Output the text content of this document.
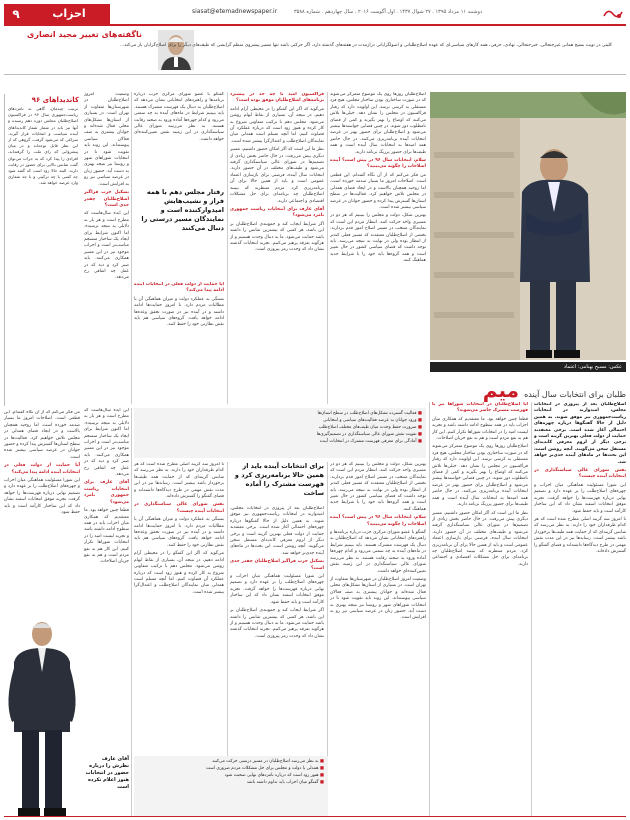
۹	احزاب	siasat@etemadnewspaper.ir	دوشنبه ۱۱ مرداد ۱۳۹۵ . ۲۷ شوال ۱۴۳۷ . اول آگوست ۲۰۱۶ . سال چهاردهم . شماره ۳۵۸۸
ناگفته‌های تغییر مجید انصاری
کلیتی در نوبت بسیج همانی غیرجنجالی، خبرجنجالی، نهادی، حرفی، همه کارهای سیاسی‌ای که عهده اصلاح‌طلبانی و اصولگرایانی درازمدت در هفته‌های گذشته دارد، اگر حرکتی باشد تنها مسیر پیشروی منظم گرایشی که طیف‌های دیگر را برای اصلاح‌گرایان باز می‌کند...
عکس: مسیح بهنامی: اعتماد
طلبان برای انتخابات سال آینده میم

اصلاح‌طلبان روزها روی یک موضوع متمرکز می‌شوند که در صورت ساختاری بودن ساختار مجلس، هیچ فرد مستقلی به کرسی نرسد. این اولویت دارد که رفتار فراکسیون در مجلس را نشان دهد. خیلی‌ها تلاش می‌کنند که اوضاع را بهتر بگیرند و کمی از فضای نامطلوب دور شوند. در چنین فضایی خواسته‌ها بیشتر می‌شود و اصلاح‌طلبان برای حضور بهتر در عرصه انتخابات آینده برنامه‌ریزی می‌کنند. در حال حاضر همه امیدها به انتخابات سال آینده است و همه طیف‌ها برای حضور پررنگ برنامه دارند.

سلام، انتخابات سال ۹۶ در پیش است؟ آینده اصلاحات را چگونه می‌بینید؟

من فکر می‌کنم که از آن نگاه گفته‌ام. این قطعی است. اصلاحات امروز ما بسیار صدمه خورده است، اما روحیه همچنان بالاست و در ایجاد فضای همدلی در مجلس تلاش خواهیم کرد. فعالیت‌ها در سطح استان‌ها گسترش پیدا کرده و حضور جوانان در عرصه سیاسی بیشتر شده است.

بهترین شکل، دولت و مجلس را ببینیم که هر دو در مسیری واحد حرکت کنند. انتظار مردم این است که نمایندگان منتخب در مسیر اصلاح امور قدم بردارند. بخشی از اصلاح‌طلبان معتقدند که مسیر فعلی کندتر از انتظار بوده ولی در نهایت به نتیجه می‌رسد. باید توجه داشت که فضای سیاسی کشور در حال تغییر است و همه گروه‌ها باید خود را با شرایط جدید هماهنگ کنند.

فراکسیون امید تا چه حد در پیشبرد برنامه‌های اصلاح‌طلبان موفق بوده است؟

می‌گوید که اگر این گفتگو را در محیطی آرام ادامه دهیم، در نتیجه آن، بسیاری از نقاط ابهام روشن می‌شود. مجلس دهم با ترکیب متفاوتی شروع به کار کرده و هنوز زود است که درباره عملکرد آن قضاوت کنیم. اما آنچه مسلم است همدلی میان نمایندگان اصلاح‌طلب و اعتدال‌گرا بیشتر شده است.

نظر ما این است که اگر امکان حضور داشتیم، مسیر دیگری پیش می‌رفت. در حال حاضر بخش زیادی از تصمیم‌ها در شورای عالی سیاستگذاری گرفته می‌شود و طیف‌های مختلف در آن حضور دارند. انتخابات سال آینده، فرصتی برای بازسازی اعتماد عمومی است و باید از همین حالا برای آن برنامه‌ریزی کرد. مردم منتظرند که ببینند اصلاح‌طلبان چه برنامه‌ای برای حل مشکلات اقتصادی و اجتماعی دارند.

آقای عارف برای انتخابات ریاست جمهوری نامزد می‌شود؟

اگر شرایط ایجاب کند و جمع‌بندی اصلاح‌طلبان بر این باشد، هر کسی که بیشترین شانس را داشته باشد حمایت می‌شود. ما به دنبال وحدت هستیم و از هرگونه تفرقه پرهیز می‌کنیم. تجربه انتخابات گذشته نشان داد که وحدت رمز پیروزی است.

گفتگو با عضو شورای مرکزی حزب درباره برنامه‌ها و راهبردهای انتخاباتی نشان می‌دهد که اصلاح‌طلبان به دنبال یک فهرست مشترک هستند. باید ببینیم شرایط در ماه‌های آینده به چه سمتی می‌رود و کدام چهره‌ها آماده ورود به صحنه رقابت هستند. به نظر می‌رسد شورای عالی سیاستگذاری در این زمینه نقش تعیین‌کننده‌ای خواهد داشت.

رفتار مجلس دهم با همه فراز و نشیب‌هایش امیدوارکننده است و نمایندگان مسیر درستی را دنبال می‌کنند

آیا حمایت از دولت فعلی در انتخابات آینده ادامه پیدا می‌کند؟

بستگی به عملکرد دولت و میزان هماهنگی آن با مطالبات مردم دارد. تا امروز حمایت‌ها ادامه داشته و در آینده نیز در صورت تحقق وعده‌ها ادامه خواهد یافت. گروه‌های سیاسی هم باید نقش نظارتی خود را حفظ کنند.

وضعیت امروز اصلاح‌طلبان در شهرستان‌ها متفاوت از تهران است. در بسیاری از استان‌ها تشکل‌های محلی فعال شده‌اند و جوانان بیشتری به صف فعالان سیاسی پیوسته‌اند. این روند باید تقویت شود تا در انتخابات شوراهای شهر و روستا نیز نتیجه بهتری به دست آید. حضور زنان در عرصه سیاسی نیز رو به افزایش است.

تشکیل حزب فراگیر اصلاح‌طلبان چقدر جدی است؟

این ایده سال‌هاست که مطرح است و هر بار به دلایلی به نتیجه نرسیده. اما اکنون شرایط برای ایجاد یک ساختار منسجم مناسب‌تر است و احزاب موجود نیز در این مسیر همکاری می‌کنند. باید صبر کرد و دید که در عمل چه اتفاقی رخ می‌دهد.

کاندیداهای ۹۶
ترتیب چیدمان، گاهی به نامزدهای ریاست‌جمهوری سال ۹۶ در فراکسیون اصلاح‌طلبان مجلس دوره دهم رسیده و آنها نیز باید در شمار شمار کاندیداهای آینده سیاست و انتخابات قرار گیرند. سراغی که می‌شود گرفت، گروهی که از این نظر قابل توجه‌اند و در میان پیشروانی که رای ملت را گرفته‌اند، افرادی را پیدا کرد که به جرات می‌توان گفت شانس بالایی برای حضور در رقابت دارند. البته حالا زود است که گفته شود چه کسی با چه ترکیبی و با چه شعاری وارد عرصه خواهد شد.
■ فعالیت گسترده تشکل‌های اصلاح‌طلب در سطح استان‌ها
■ ورود جوانان به عرصه فعالیت‌های سیاسی و انتخاباتی
■ ضرورت حفظ وحدت میان طیف‌های مختلف اصلاح‌طلب
■ تقویت نقش شورای عالی سیاستگذاری در تصمیم‌گیری‌ها
■ آمادگی برای معرفی فهرست مشترک در انتخابات آینده

اصلاح‌طلبان بعد از پیروزی در انتخابات مجلس، امیدوارند در انتخابات ریاست‌جمهوری نیز موفق شوند. به همین دلیل از حالا گفتگوها درباره چهره‌های احتمالی آغاز شده است. برخی معتقدند حمایت از دولت فعلی بهترین گزینه است و برخی دیگر از لزوم معرفی کاندیدای مستقل سخن می‌گویند. آنچه روشن است، این بحث‌ها در ماه‌های آینده جدی‌تر خواهد شد.

نقش شورای عالی سیاستگذاری در انتخابات آینده چیست؟

این شورا مسئولیت هماهنگی میان احزاب و چهره‌های اصلاح‌طلب را بر عهده دارد و تصمیم نهایی درباره فهرست‌ها را خواهد گرفت. تجربه موفق انتخابات اسفند نشان داد که این ساختار کارآمد است و باید حفظ شود.

تا امروز سه گزینه اصلی مطرح شده است که هر کدام طرفداران خود را دارند. به نظر می‌رسد که شانس گزینه‌ای که از حمایت همه طیف‌ها برخوردار باشد بیشتر است. رسانه‌ها نیز در این مدت نقش مهمی در طرح دیدگاه‌ها داشته‌اند و فضای گفتگو را گسترش داده‌اند.

آیا اصلاح‌طلبان در انتخابات شوراها نیز با فهرست مشترک حاضر می‌شوند؟

قطعا چنین خواهد بود. ما معتقدیم که همکاری میان احزاب باید در همه سطوح ادامه داشته باشد و تجربه لیست امید را در انتخابات شوراها تکرار کنیم. این کار هم به نفع مردم است و هم به نفع جریان اصلاحات.

اصلاح‌طلبان روزها روی یک موضوع متمرکز می‌شوند که در صورت ساختاری بودن ساختار مجلس، هیچ فرد مستقلی به کرسی نرسد. این اولویت دارد که رفتار فراکسیون در مجلس را نشان دهد. خیلی‌ها تلاش می‌کنند که اوضاع را بهتر بگیرند و کمی از فضای نامطلوب دور شوند. در چنین فضایی خواسته‌ها بیشتر می‌شود و اصلاح‌طلبان برای حضور بهتر در عرصه انتخابات آینده برنامه‌ریزی می‌کنند. در حال حاضر همه امیدها به انتخابات سال آینده است و همه طیف‌ها برای حضور پررنگ برنامه دارند.

نظر ما این است که اگر امکان حضور داشتیم، مسیر دیگری پیش می‌رفت. در حال حاضر بخش زیادی از تصمیم‌ها در شورای عالی سیاستگذاری گرفته می‌شود و طیف‌های مختلف در آن حضور دارند. انتخابات سال آینده، فرصتی برای بازسازی اعتماد عمومی است و باید از همین حالا برای آن برنامه‌ریزی کرد. مردم منتظرند که ببینند اصلاح‌طلبان چه برنامه‌ای برای حل مشکلات اقتصادی و اجتماعی دارند.

بهترین شکل، دولت و مجلس را ببینیم که هر دو در مسیری واحد حرکت کنند. انتظار مردم این است که نمایندگان منتخب در مسیر اصلاح امور قدم بردارند. بخشی از اصلاح‌طلبان معتقدند که مسیر فعلی کندتر از انتظار بوده ولی در نهایت به نتیجه می‌رسد. باید توجه داشت که فضای سیاسی کشور در حال تغییر است و همه گروه‌ها باید خود را با شرایط جدید هماهنگ کنند.

سلام، انتخابات سال ۹۶ در پیش است؟ آینده اصلاحات را چگونه می‌بینید؟

گفتگو با عضو شورای مرکزی حزب درباره برنامه‌ها و راهبردهای انتخاباتی نشان می‌دهد که اصلاح‌طلبان به دنبال یک فهرست مشترک هستند. باید ببینیم شرایط در ماه‌های آینده به چه سمتی می‌رود و کدام چهره‌ها آماده ورود به صحنه رقابت هستند. به نظر می‌رسد شورای عالی سیاستگذاری در این زمینه نقش تعیین‌کننده‌ای خواهد داشت.

وضعیت امروز اصلاح‌طلبان در شهرستان‌ها متفاوت از تهران است. در بسیاری از استان‌ها تشکل‌های محلی فعال شده‌اند و جوانان بیشتری به صف فعالان سیاسی پیوسته‌اند. این روند باید تقویت شود تا در انتخابات شوراهای شهر و روستا نیز نتیجه بهتری به دست آید. حضور زنان در عرصه سیاسی نیز رو به افزایش است.

برای انتخابات آینده باید از همین حالا برنامه‌ریزی کرد و فهرست مشترک را آماده ساخت

اصلاح‌طلبان بعد از پیروزی در انتخابات مجلس، امیدوارند در انتخابات ریاست‌جمهوری نیز موفق شوند. به همین دلیل از حالا گفتگوها درباره چهره‌های احتمالی آغاز شده است. برخی معتقدند حمایت از دولت فعلی بهترین گزینه است و برخی دیگر از لزوم معرفی کاندیدای مستقل سخن می‌گویند. آنچه روشن است، این بحث‌ها در ماه‌های آینده جدی‌تر خواهد شد.

تشکیل حزب فراگیر اصلاح‌طلبان چقدر جدی است؟

این شورا مسئولیت هماهنگی میان احزاب و چهره‌های اصلاح‌طلب را بر عهده دارد و تصمیم نهایی درباره فهرست‌ها را خواهد گرفت. تجربه موفق انتخابات اسفند نشان داد که این ساختار کارآمد است و باید حفظ شود.

اگر شرایط ایجاب کند و جمع‌بندی اصلاح‌طلبان بر این باشد، هر کسی که بیشترین شانس را داشته باشد حمایت می‌شود. ما به دنبال وحدت هستیم و از هرگونه تفرقه پرهیز می‌کنیم. تجربه انتخابات گذشته نشان داد که وحدت رمز پیروزی است.

تا امروز سه گزینه اصلی مطرح شده است که هر کدام طرفداران خود را دارند. به نظر می‌رسد که شانس گزینه‌ای که از حمایت همه طیف‌ها برخوردار باشد بیشتر است. رسانه‌ها نیز در این مدت نقش مهمی در طرح دیدگاه‌ها داشته‌اند و فضای گفتگو را گسترش داده‌اند.

نقش شورای عالی سیاستگذاری در انتخابات آینده چیست؟

بستگی به عملکرد دولت و میزان هماهنگی آن با مطالبات مردم دارد. تا امروز حمایت‌ها ادامه داشته و در آینده نیز در صورت تحقق وعده‌ها ادامه خواهد یافت. گروه‌های سیاسی هم باید نقش نظارتی خود را حفظ کنند.

می‌گوید که اگر این گفتگو را در محیطی آرام ادامه دهیم، در نتیجه آن، بسیاری از نقاط ابهام روشن می‌شود. مجلس دهم با ترکیب متفاوتی شروع به کار کرده و هنوز زود است که درباره عملکرد آن قضاوت کنیم. اما آنچه مسلم است همدلی میان نمایندگان اصلاح‌طلب و اعتدال‌گرا بیشتر شده است.

این ایده سال‌هاست که مطرح است و هر بار به دلایلی به نتیجه نرسیده. اما اکنون شرایط برای ایجاد یک ساختار منسجم مناسب‌تر است و احزاب موجود نیز در این مسیر همکاری می‌کنند. باید صبر کرد و دید که در عمل چه اتفاقی رخ می‌دهد.

آقای عارف برای انتخابات ریاست جمهوری نامزد می‌شود؟

قطعا چنین خواهد بود. ما معتقدیم که همکاری میان احزاب باید در همه سطوح ادامه داشته باشد و تجربه لیست امید را در انتخابات شوراها تکرار کنیم. این کار هم به نفع مردم است و هم به نفع جریان اصلاحات.

من فکر می‌کنم که از آن نگاه گفته‌ام. این قطعی است. اصلاحات امروز ما بسیار صدمه خورده است، اما روحیه همچنان بالاست و در ایجاد فضای همدلی در مجلس تلاش خواهیم کرد. فعالیت‌ها در سطح استان‌ها گسترش پیدا کرده و حضور جوانان در عرصه سیاسی بیشتر شده است.

آیا حمایت از دولت فعلی در انتخابات آینده ادامه پیدا می‌کند؟

این شورا مسئولیت هماهنگی میان احزاب و چهره‌های اصلاح‌طلب را بر عهده دارد و تصمیم نهایی درباره فهرست‌ها را خواهد گرفت. تجربه موفق انتخابات اسفند نشان داد که این ساختار کارآمد است و باید حفظ شود.

آقای عارف نظرش را درباره حضور در انتخابات هنوز اعلام نکرده است
■ به نظر می‌رسد اصلاح‌طلبان در مسیر درستی حرکت می‌کنند
■ همدلی با دولت و مجلس برای حل مشکلات مردم ضروری است
■ هنوز زود است که درباره نامزدهای نهایی صحبت شود
■ گفتگو میان احزاب باید تداوم داشته باشد
